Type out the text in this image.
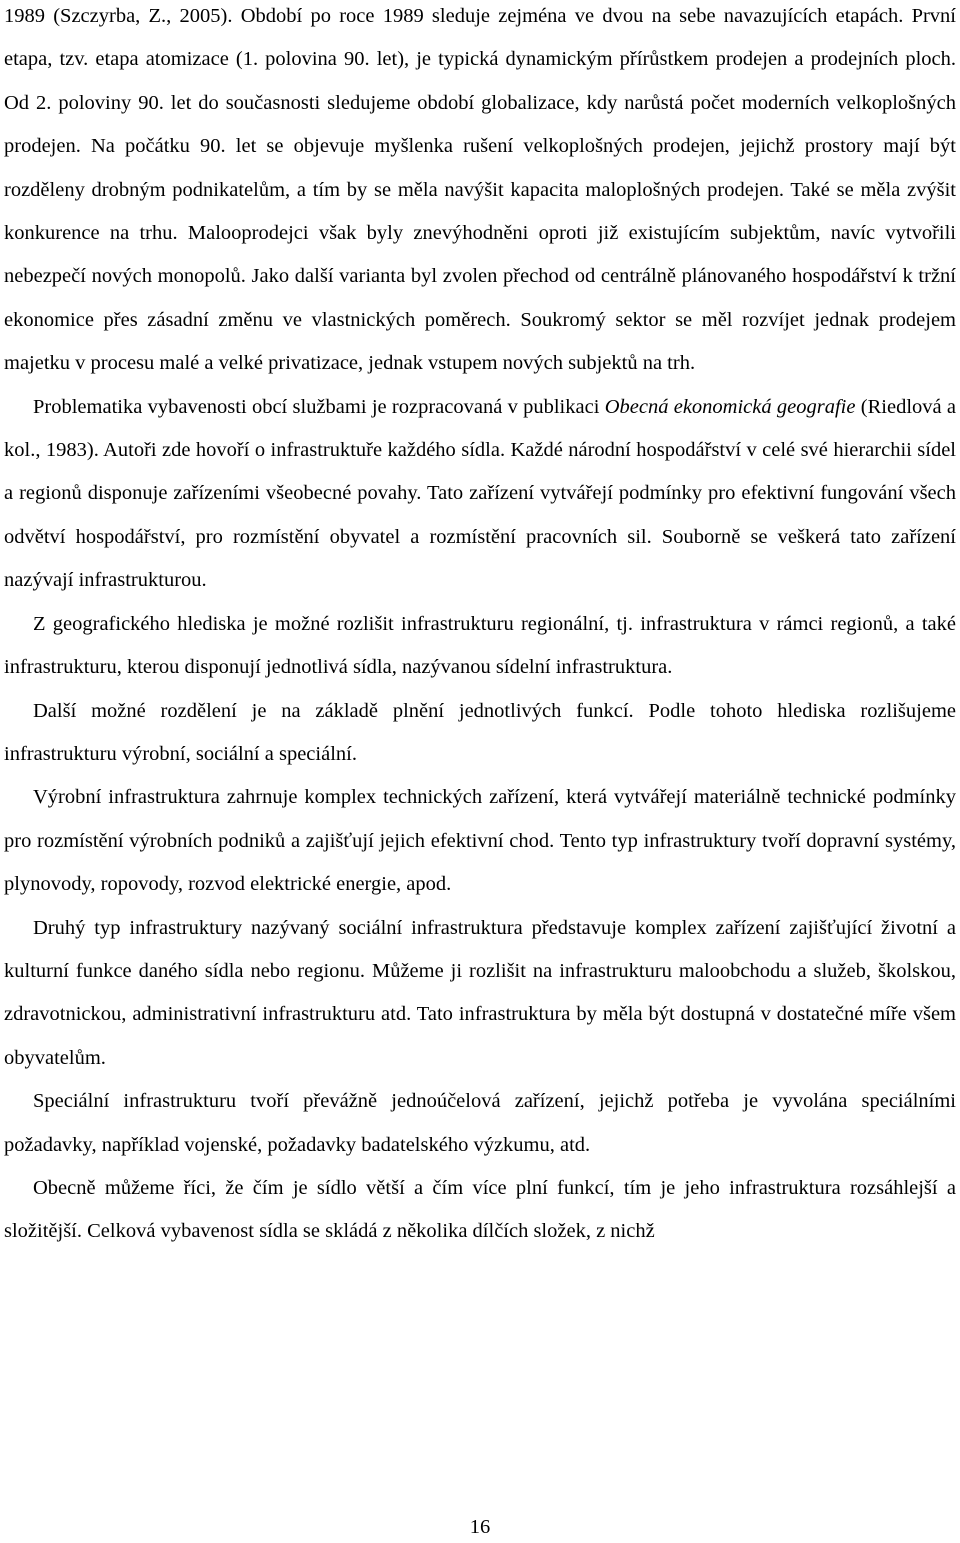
1989 (Szczyrba, Z., 2005). Období po roce 1989 sleduje zejména ve dvou na sebe navazujících etapách. První etapa, tzv. etapa atomizace (1. polovina 90. let), je typická dynamickým přírůstkem prodejen a prodejních ploch. Od 2. poloviny 90. let do současnosti sledujeme období globalizace, kdy narůstá počet moderních velkoplošných prodejen. Na počátku 90. let se objevuje myšlenka rušení velkoplošných prodejen, jejichž prostory mají být rozděleny drobným podnikatelům, a tím by se měla navýšit kapacita maloplošných prodejen. Také se měla zvýšit konkurence na trhu. Malooprodejci však byly znevýhodněni oproti již existujícím subjektům, navíc vytvořili nebezpečí nových monopolů. Jako další varianta byl zvolen přechod od centrálně plánovaného hospodářství k tržní ekonomice přes zásadní změnu ve vlastnických poměrech. Soukromý sektor se měl rozvíjet jednak prodejem majetku v procesu malé a velké privatizace, jednak vstupem nových subjektů na trh.

Problematika vybavenosti obcí službami je rozpracovaná v publikaci Obecná ekonomická geografie (Riedlová a kol., 1983). Autoři zde hovoří o infrastruktuře každého sídla. Každé národní hospodářství v celé své hierarchii sídel a regionů disponuje zařízeními všeobecné povahy. Tato zařízení vytvářejí podmínky pro efektivní fungování všech odvětví hospodářství, pro rozmístění obyvatel a rozmístění pracovních sil. Souborně se veškerá tato zařízení nazývají infrastrukturou.

Z geografického hlediska je možné rozlišit infrastrukturu regionální, tj. infrastruktura v rámci regionů, a také infrastrukturu, kterou disponují jednotlivá sídla, nazývanou sídelní infrastruktura.

Další možné rozdělení je na základě plnění jednotlivých funkcí. Podle tohoto hlediska rozlišujeme infrastrukturu výrobní, sociální a speciální.

Výrobní infrastruktura zahrnuje komplex technických zařízení, která vytvářejí materiálně technické podmínky pro rozmístění výrobních podniků a zajišťují jejich efektivní chod. Tento typ infrastruktury tvoří dopravní systémy, plynovody, ropovody, rozvod elektrické energie, apod.

Druhý typ infrastruktury nazývaný sociální infrastruktura představuje komplex zařízení zajišťující životní a kulturní funkce daného sídla nebo regionu. Můžeme ji rozlišit na infrastrukturu maloobchodu a služeb, školskou, zdravotnickou, administrativní infrastrukturu atd. Tato infrastruktura by měla být dostupná v dostatečné míře všem obyvatelům.

Speciální infrastrukturu tvoří převážně jednoúčelová zařízení, jejichž potřeba je vyvolána speciálními požadavky, například vojenské, požadavky badatelského výzkumu, atd.

Obecně můžeme říci, že čím je sídlo větší a čím více plní funkcí, tím je jeho infrastruktura rozsáhlejší a složitější. Celková vybavenost sídla se skládá z několika dílčích složek, z nichž

16
